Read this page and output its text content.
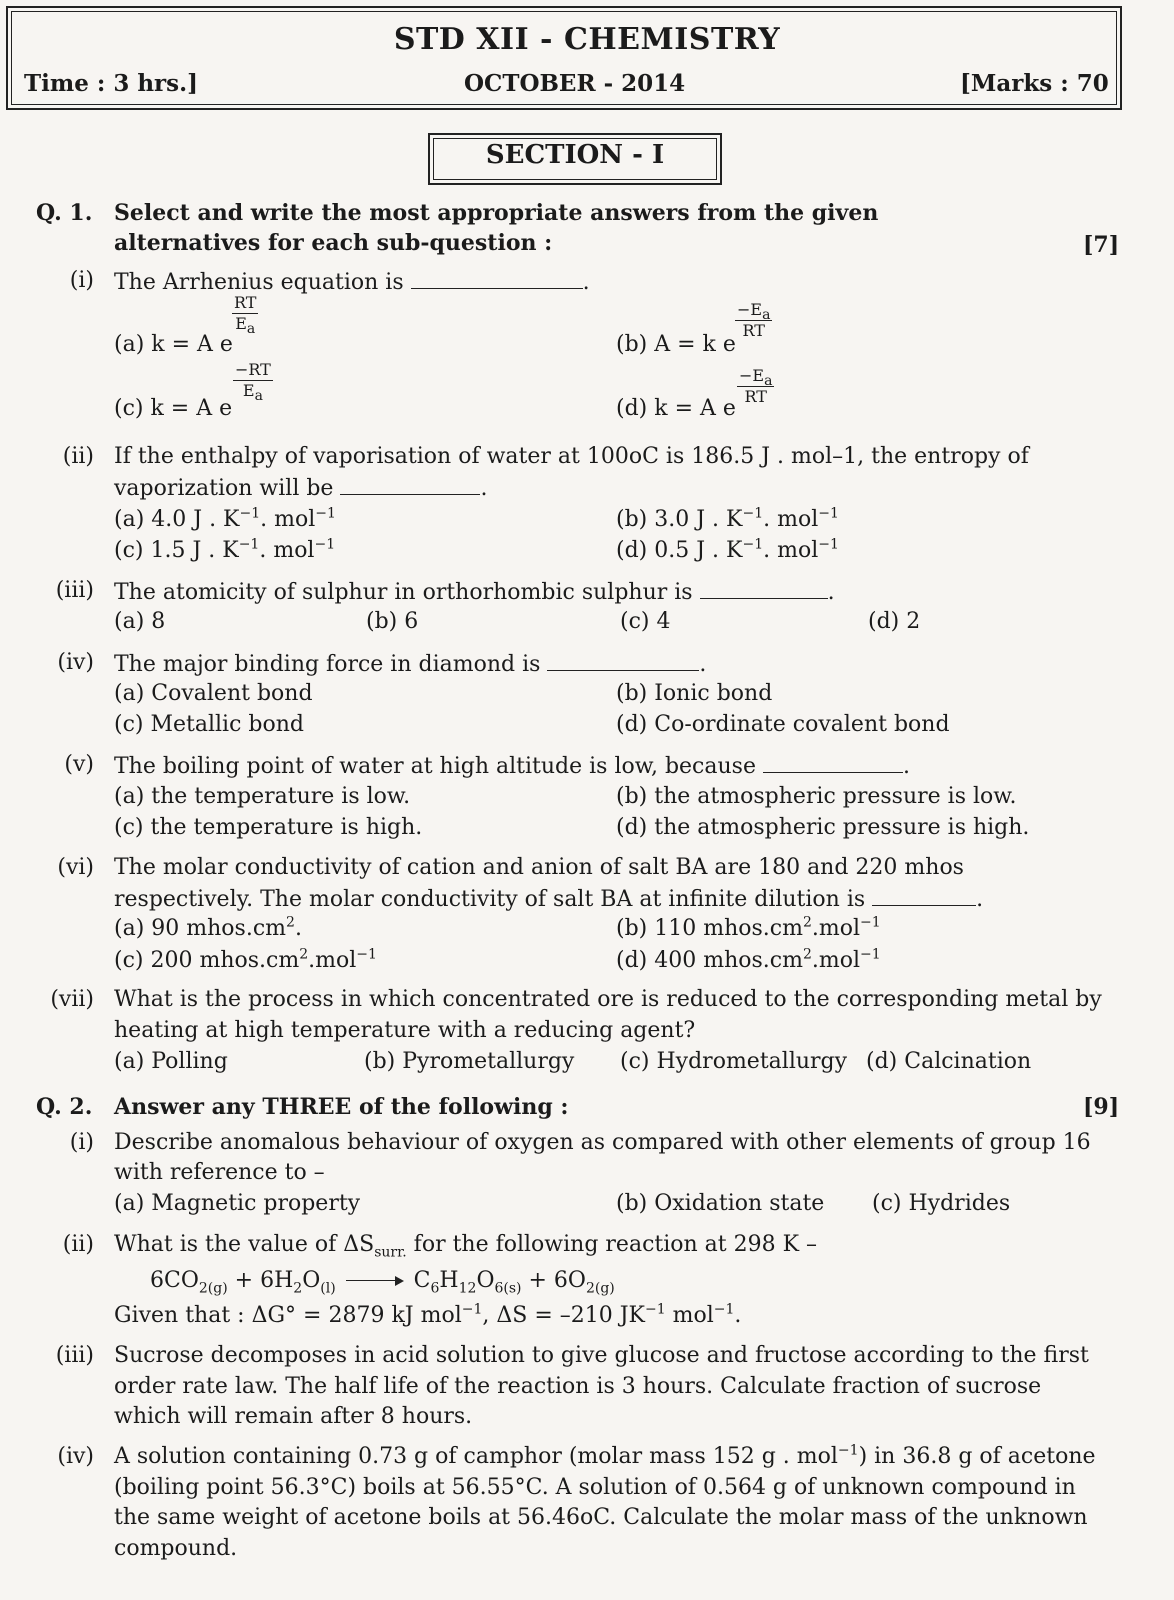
STD XII - CHEMISTRY
Time : 3 hrs.]	OCTOBER - 2014	[Marks : 70
SECTION - I
Q. 1. Select and write the most appropriate answers from the given
alternatives for each sub-question :	[7]
(i) The Arrhenius equation is	.
(a) k = A e
$\frac{RT}{E_a}$
(b) A = k e
$\frac{-E_a}{RT}$
(c) k = A e
$\frac{-RT}{E_a}$
(d) k = A e
$\frac{-E_a}{RT}$
(ii) If the enthalpy of vaporisation of water at 100oC is 186.5 J . mol–1, the entropy of
vaporization will be	.
(a) 4.0 J . $K^{-1}$. mol$^{-1}$	(b) 3.0 J . $K^{-1}$. mol$^{-1}$
(c) 1.5 J . $K^{-1}$. mol$^{-1}$	(d) 0.5 J . $K^{-1}$. mol$^{-1}$
(iii) The atomicity of sulphur in orthorhombic sulphur is	.
(a) 8	(b) 6	(c) 4	(d) 2
(iv) The major binding force in diamond is	.
(a) Covalent bond	(b) Ionic bond
(c) Metallic bond	(d) Co-ordinate covalent bond
(v) The boiling point of water at high altitude is low, because	.
(a) the temperature is low.	(b) the atmospheric pressure is low.
(c) the temperature is high.	(d) the atmospheric pressure is high.
(vi) The molar conductivity of cation and anion of salt BA are 180 and 220 mhos
respectively. The molar conductivity of salt BA at infinite dilution is	.
(a) 90 $mhos.cm^2$.	(b) 110 $mhos.cm^2.mol^{-1}$
(c) 200 $mhos.cm^2.mol^{-1}$	(d) 400 $mhos.cm^2.mol^{-1}$
(vii) What is the process in which concentrated ore is reduced to the corresponding metal by
heating at high temperature with a reducing agent?
(a) Polling	(b) Pyrometallurgy (c) Hydrometallurgy (d) Calcination
Q. 2. Answer any THREE of the following :	[9]
(i) Describe anomalous behaviour of oxygen as compared with other elements of group 16
with reference to –
(a) Magnetic property	(b) Oxidation state (c) Hydrides
(ii) What is the value of $\Delta S_{surr.}$ for the following reaction at 298 K –
$6CO_{2(g)} + 6H_2O_{(l)}$	$C_6H_{12}O_{6(s)} + 6O_{2(g)}$
Given that : ΔG° = 2879 kJ mol$^{-1}$, ΔS = –210 $JK^{-1}$ mol$^{-1}$.
(iii) Sucrose decomposes in acid solution to give glucose and fructose according to the first
order rate law. The half life of the reaction is 3 hours. Calculate fraction of sucrose
which will remain after 8 hours.
(iv) A solution containing 0.73 g of camphor (molar mass 152 g . mol$^{-1}$) in 36.8 g of acetone
(boiling point 56.3°C) boils at 56.55°C. A solution of 0.564 g of unknown compound in
the same weight of acetone boils at 56.46oC. Calculate the molar mass of the unknown
compound.
